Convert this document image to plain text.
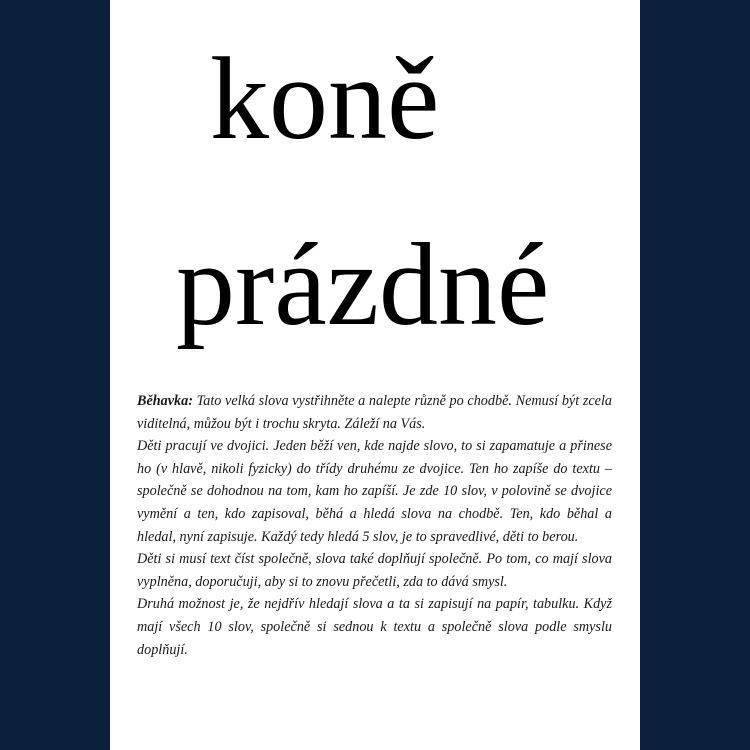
koně
prázdné

Běhavka: Tato velká slova vystřihněte a nalepte různě po chodbě. Nemusí být zcela viditelná, můžou být i trochu skryta. Záleží na Vás.

Děti pracují ve dvojici. Jeden běží ven, kde najde slovo, to si zapamatuje a přinese ho (v hlavě, nikoli fyzicky) do třídy druhému ze dvojice. Ten ho zapíše do textu – společně se dohodnou na tom, kam ho zapíší. Je zde 10 slov, v polovině se dvojice vymění a ten, kdo zapisoval, běhá a hledá slova na chodbě. Ten, kdo běhal a hledal, nyní zapisuje. Každý tedy hledá 5 slov, je to spravedlivé, děti to berou.

Děti si musí text číst společně, slova také doplňují společně. Po tom, co mají slova vyplněna, doporučuji, aby si to znovu přečetli, zda to dává smysl.

Druhá možnost je, že nejdřív hledají slova a ta si zapisují na papír, tabulku. Když mají všech 10 slov, společně si sednou k textu a společně slova podle smyslu doplňují.
